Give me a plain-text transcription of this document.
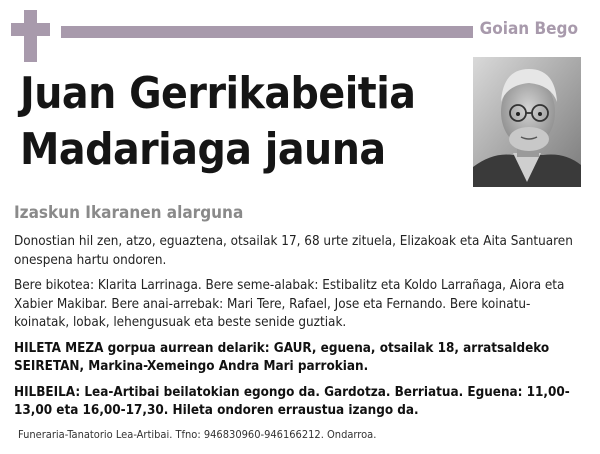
Goian Bego
Juan Gerrikabeitia
Madariaga jauna
Izaskun Ikaranen alarguna

Donostian hil zen, atzo, eguaztena, otsailak 17, 68 urte zituela, Elizakoak eta Aita Santuaren onespena hartu ondoren.

Bere bikotea: Klarita Larrinaga. Bere seme-alabak: Estibalitz eta Koldo Larrañaga, Aiora eta Xabier Makibar. Bere anai-arrebak: Mari Tere, Rafael, Jose eta Fernando. Bere koinatu-koinatak, lobak, lehengusuak eta beste senide guztiak.

HILETA MEZA gorpua aurrean delarik: GAUR, eguena, otsailak 18, arratsaldeko SEIRETAN, Markina-Xemeingo Andra Mari parrokian.

HILBEILA: Lea-Artibai beilatokian egongo da. Gardotza. Berriatua. Eguena: 11,00-13,00 eta 16,00-17,30. Hileta ondoren erraustua izango da.

Funeraria-Tanatorio Lea-Artibai. Tfno: 946830960-946166212. Ondarroa.
